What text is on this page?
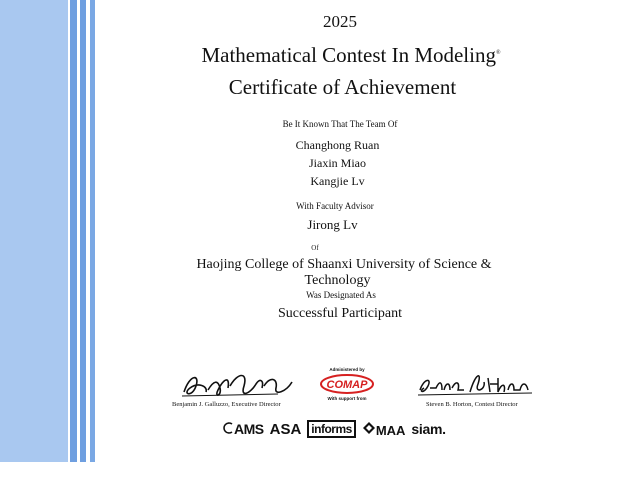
2025
Mathematical Contest In Modeling®
Certificate of Achievement
Be It Known That The Team Of
Changhong Ruan
Jiaxin Miao
Kangjie Lv
With Faculty Advisor
Jirong Lv
Of
Haojing College of Shaanxi University of Science &
Technology
Was Designated As
Successful Participant
Benjamin J. Galluzzo, Executive Director	Steven B. Horton, Contest Director
Administered by
COMAP
With support from
AMS ASA informs	MAA siam.
